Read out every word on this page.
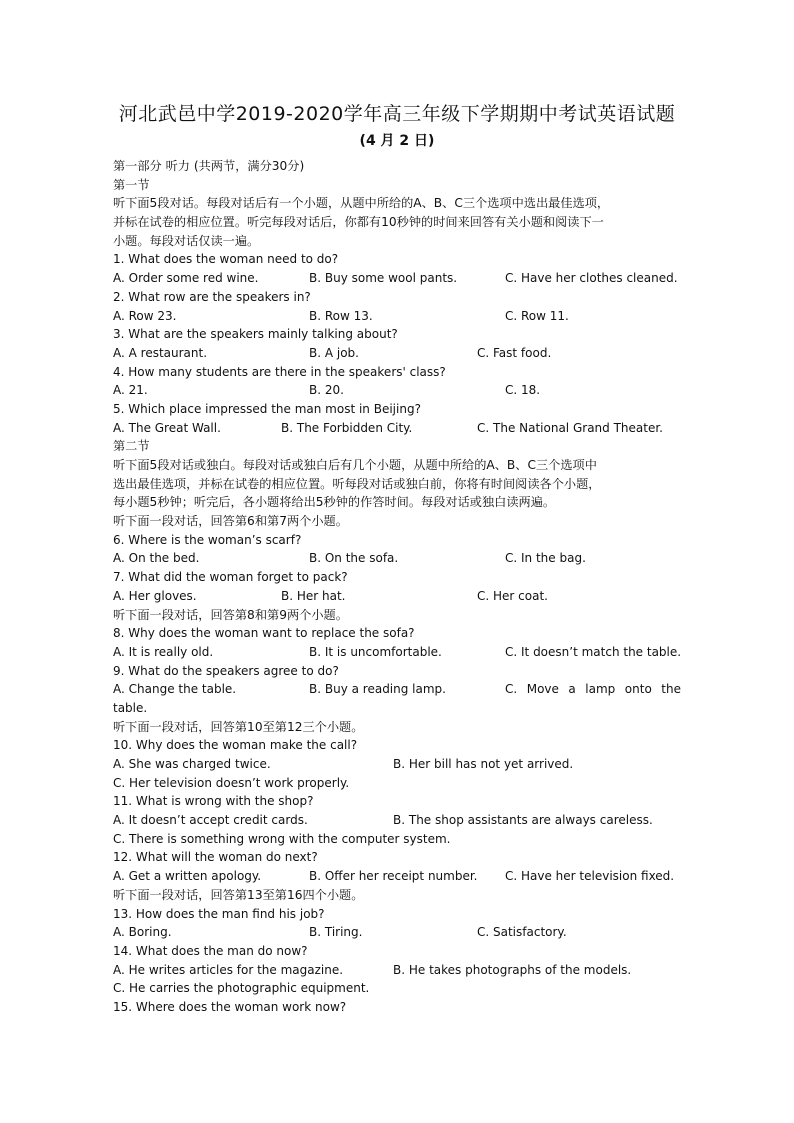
河北武邑中学2019-2020学年高三年级下学期期中考试英语试题
(4 月 2 日)
第一部分 听力 (共两节，满分30分)
第一节
听下面5段对话。每段对话后有一个小题，从题中所给的A、B、C三个选项中选出最佳选项，
并标在试卷的相应位置。听完每段对话后，你都有10秒钟的时间来回答有关小题和阅读下一
小题。每段对话仅读一遍。
1. What does the woman need to do?
A. Order some red wine.	B. Buy some wool pants.	C. Have her clothes cleaned.
2. What row are the speakers in?
A. Row 23.	B. Row 13.	C. Row 11.
3. What are the speakers mainly talking about?
A. A restaurant.	B. A job.	C. Fast food.
4. How many students are there in the speakers' class?
A. 21.	B. 20.	C. 18.
5. Which place impressed the man most in Beijing?
A. The Great Wall.	B. The Forbidden City.	C. The National Grand Theater.
第二节
听下面5段对话或独白。每段对话或独白后有几个小题，从题中所给的A、B、C三个选项中
选出最佳选项，并标在试卷的相应位置。听每段对话或独白前，你将有时间阅读各个小题，
每小题5秒钟；听完后，各小题将给出5秒钟的作答时间。每段对话或独白读两遍。
听下面一段对话，回答第6和第7两个小题。
6. Where is the woman’s scarf?
A. On the bed.	B. On the sofa.	C. In the bag.
7. What did the woman forget to pack?
A. Her gloves.	B. Her hat.	C. Her coat.
听下面一段对话，回答第8和第9两个小题。
8. Why does the woman want to replace the sofa?
A. It is really old.	B. It is uncomfortable.	C. It doesn’t match the table.
9. What do the speakers agree to do?
A. Change the table.	B. Buy a reading lamp.	C. Move a lamp onto the
table.
听下面一段对话，回答第10至第12三个小题。
10. Why does the woman make the call?
A. She was charged twice.	B. Her bill has not yet arrived.
C. Her television doesn’t work properly.
11. What is wrong with the shop?
A. It doesn’t accept credit cards.	B. The shop assistants are always careless.
C. There is something wrong with the computer system.
12. What will the woman do next?
A. Get a written apology.	B. Offer her receipt number. C. Have her television fixed.
听下面一段对话，回答第13至第16四个小题。
13. How does the man find his job?
A. Boring.	B. Tiring.	C. Satisfactory.
14. What does the man do now?
A. He writes articles for the magazine.	B. He takes photographs of the models.
C. He carries the photographic equipment.
15. Where does the woman work now?
